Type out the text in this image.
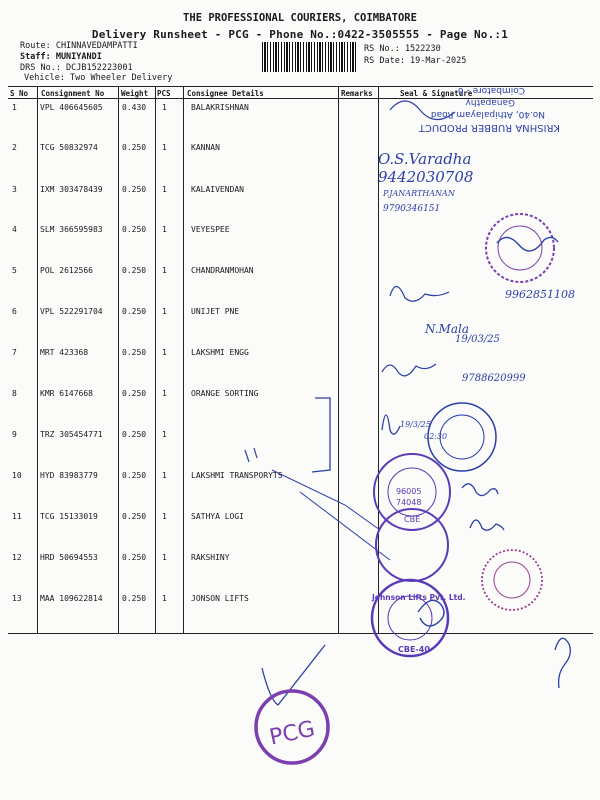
THE PROFESSIONAL COURIERS, COIMBATORE
Delivery Runsheet - PCG - Phone No.:0422-3505555 - Page No.:1
Route: CHINNAVEDAMPATTI
Staff: MUNIYANDI
DRS No.: DCJB152223001
Vehicle: Two Wheeler Delivery
RS No.: 1522230
RS Date: 19-Mar-2025
S No Consignment No Weight PCS Consignee Details	Remarks	Seal & Signature
1	VPL 406645605 0.430 1	BALAKRISHNAN
2	TCG 50832974	0.250 1	KANNAN
3	IXM 303478439 0.250 1	KALAIVENDAN
4	SLM 366595983 0.250 1	VEYESPEE
5	POL 2612566	0.250 1	CHANDRANMOHAN
6	VPL 522291704 0.250 1	UNIJET PNE
7	MRT 423368	0.250 1	LAKSHMI ENGG
8	KMR 6147668	0.250 1	ORANGE SORTING
9	TRZ 305454771 0.250 1
10 HYD 83983779	0.250 1	LAKSHMI TRANSPORYTS
11 TCG 15133019	0.250 1	SATHYA LOGI
12 HRD 50694553	0.250 1	RAKSHINY
13 MAA 109622814 0.250 1	JONSON LIFTS
KRISHNA RUBBER PRODUCT
No.40, Athipalayam Road
Ganapathy
Coimbatore - 6
96005
74048
CBE
Johnson Lifts Pvt. Ltd.
CBE-40
PCG
O.S.Varadha
9442030708
P.JANARTHANAN
9790346151
9962851108
N.Mala
19/03/25
9788620999
19/3/25
02:30
